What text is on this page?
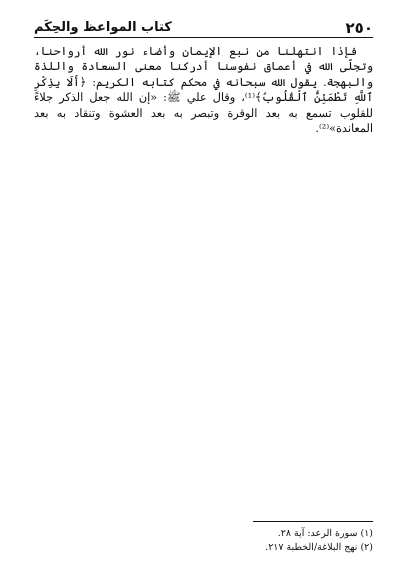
٢٥٠
كتاب المواعظ والحِكَم

فإذا انتهلنا من نبع الإيمان وأضاء نور الله أرواحنا، وتجلّى الله في أعماق نفوسنا أدركنا معنى السعادة واللذة والبهجة. يقول الله سبحانه في محكم كتابه الكريم: ﴿أَلَا بِذِكْرِ ٱللَّهِ تَطْمَئِنُّ ٱلْقُلُوبُ﴾⁽¹⁾، وقال علي ﷺ: «إن الله جعل الذكر جلاءً للقلوب تسمع به بعد الوقرة وتبصر به بعد العشوة وتنقاد به بعد المعاندة»⁽²⁾.

(١) سورة الرعد: آية ٢٨.
(٢) نهج البلاغة/الخطبة ٢١٧.
